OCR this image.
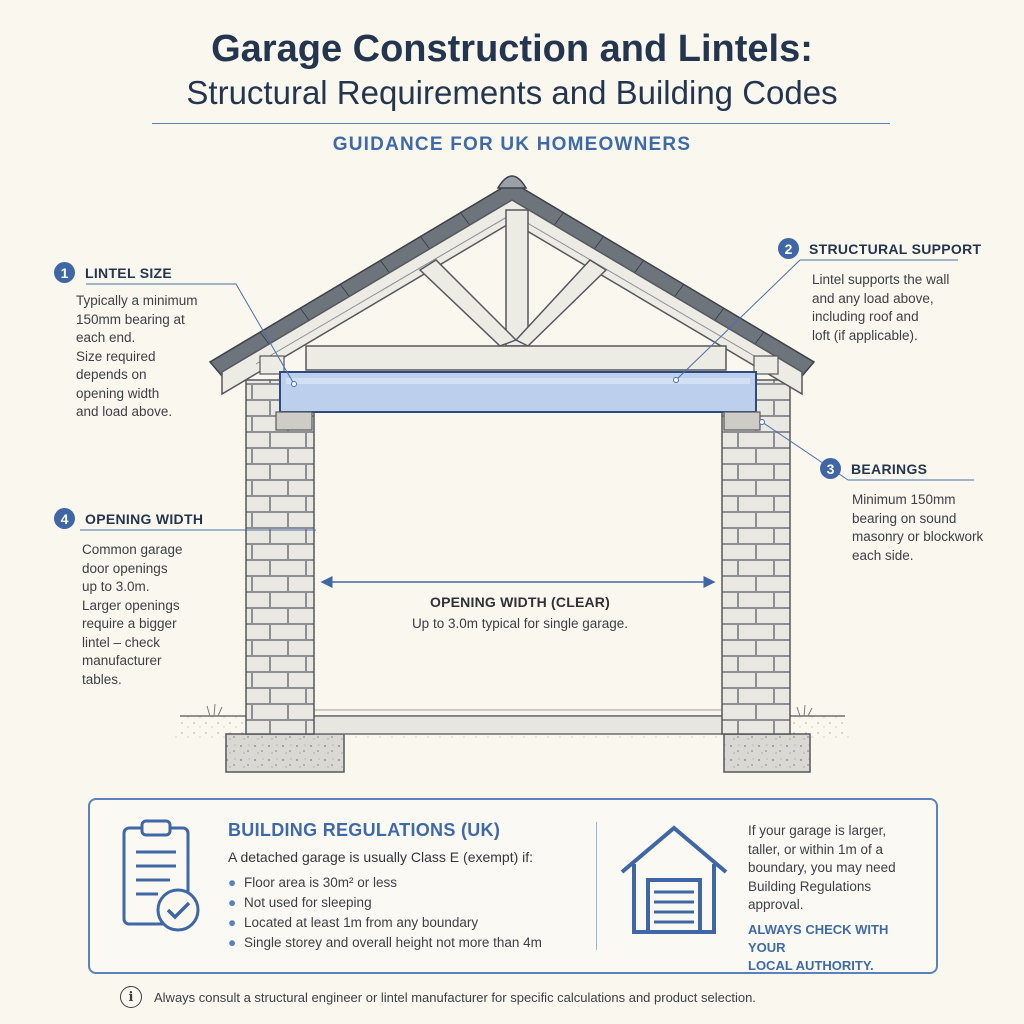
Garage Construction and Lintels:
Structural Requirements and Building Codes
GUIDANCE FOR UK HOMEOWNERS
1	LINTEL SIZE
Typically a minimum
150mm bearing at
each end.
Size required
depends on
opening width
and load above.
2	STRUCTURAL SUPPORT
Lintel supports the wall
and any load above,
including roof and
loft (if applicable).
3	BEARINGS
Minimum 150mm
bearing on sound
masonry or blockwork
each side.
4	OPENING WIDTH
Common garage
door openings
up to 3.0m.
Larger openings
require a bigger
lintel – check
manufacturer
tables.
OPENING WIDTH (CLEAR)
Up to 3.0m typical for single garage.
BUILDING REGULATIONS (UK)
A detached garage is usually Class E (exempt) if:
● Floor area is 30m² or less
● Not used for sleeping
● Located at least 1m from any boundary
● Single storey and overall height not more than 4m
If your garage is larger,
taller, or within 1m of a
boundary, you may need
Building Regulations
approval.
ALWAYS CHECK WITH YOUR
LOCAL AUTHORITY.
i	Always consult a structural engineer or lintel manufacturer for specific calculations and product selection.
